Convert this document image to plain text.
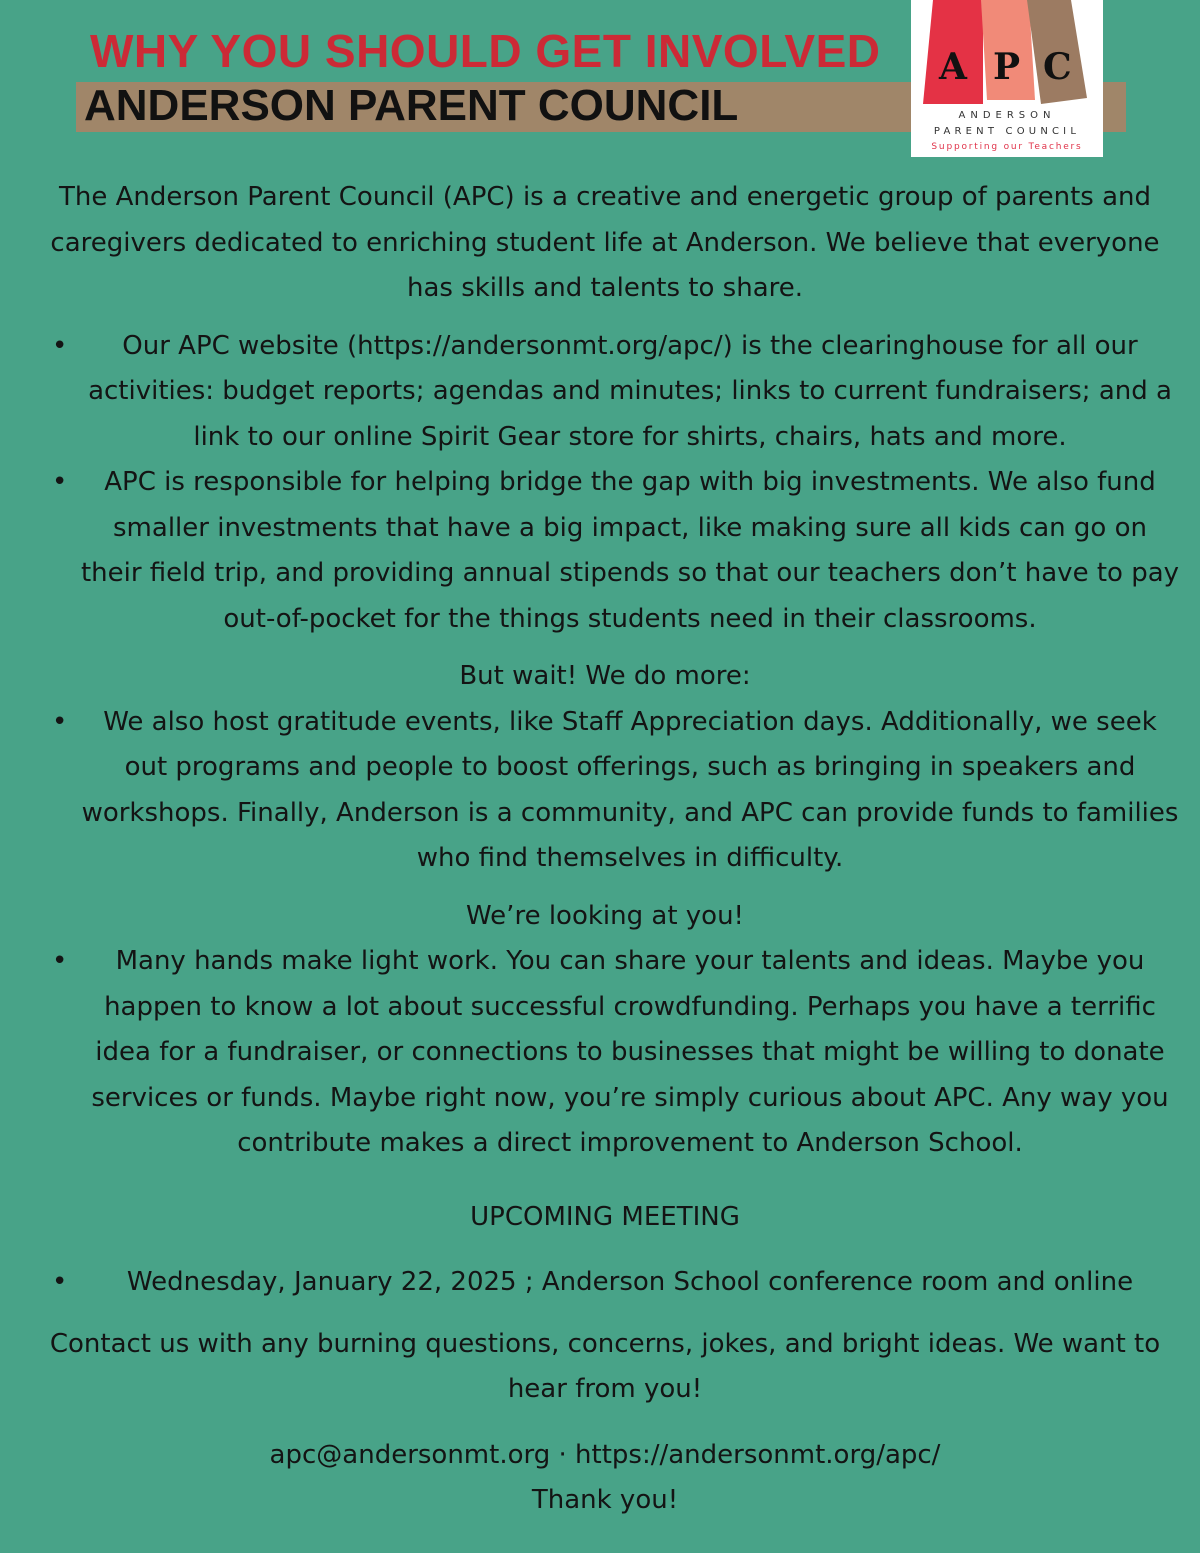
WHY YOU SHOULD GET INVOLVED
ANDERSON PARENT COUNCIL
A P C
ANDERSON
PARENT COUNCIL
Supporting our Teachers

The Anderson Parent Council (APC) is a creative and energetic group of parents and caregivers dedicated to enriching student life at Anderson. We believe that everyone has skills and talents to share.

• Our APC website (https://andersonmt.org/apc/) is the clearinghouse for all our activities: budget reports; agendas and minutes; links to current fundraisers; and a link to our online Spirit Gear store for shirts, chairs, hats and more.
• APC is responsible for helping bridge the gap with big investments. We also fund smaller investments that have a big impact, like making sure all kids can go on their field trip, and providing annual stipends so that our teachers don’t have to pay out-of-pocket for the things students need in their classrooms.

But wait! We do more:

• We also host gratitude events, like Staff Appreciation days. Additionally, we seek out programs and people to boost offerings, such as bringing in speakers and workshops. Finally, Anderson is a community, and APC can provide funds to families who find themselves in difficulty.

We’re looking at you!

• Many hands make light work. You can share your talents and ideas. Maybe you happen to know a lot about successful crowdfunding. Perhaps you have a terrific idea for a fundraiser, or connections to businesses that might be willing to donate services or funds. Maybe right now, you’re simply curious about APC. Any way you contribute makes a direct improvement to Anderson School.

UPCOMING MEETING

• Wednesday, January 22, 2025 ; Anderson School conference room and online

Contact us with any burning questions, concerns, jokes, and bright ideas. We want to hear from you!

apc@andersonmt.org · https://andersonmt.org/apc/

Thank you!
